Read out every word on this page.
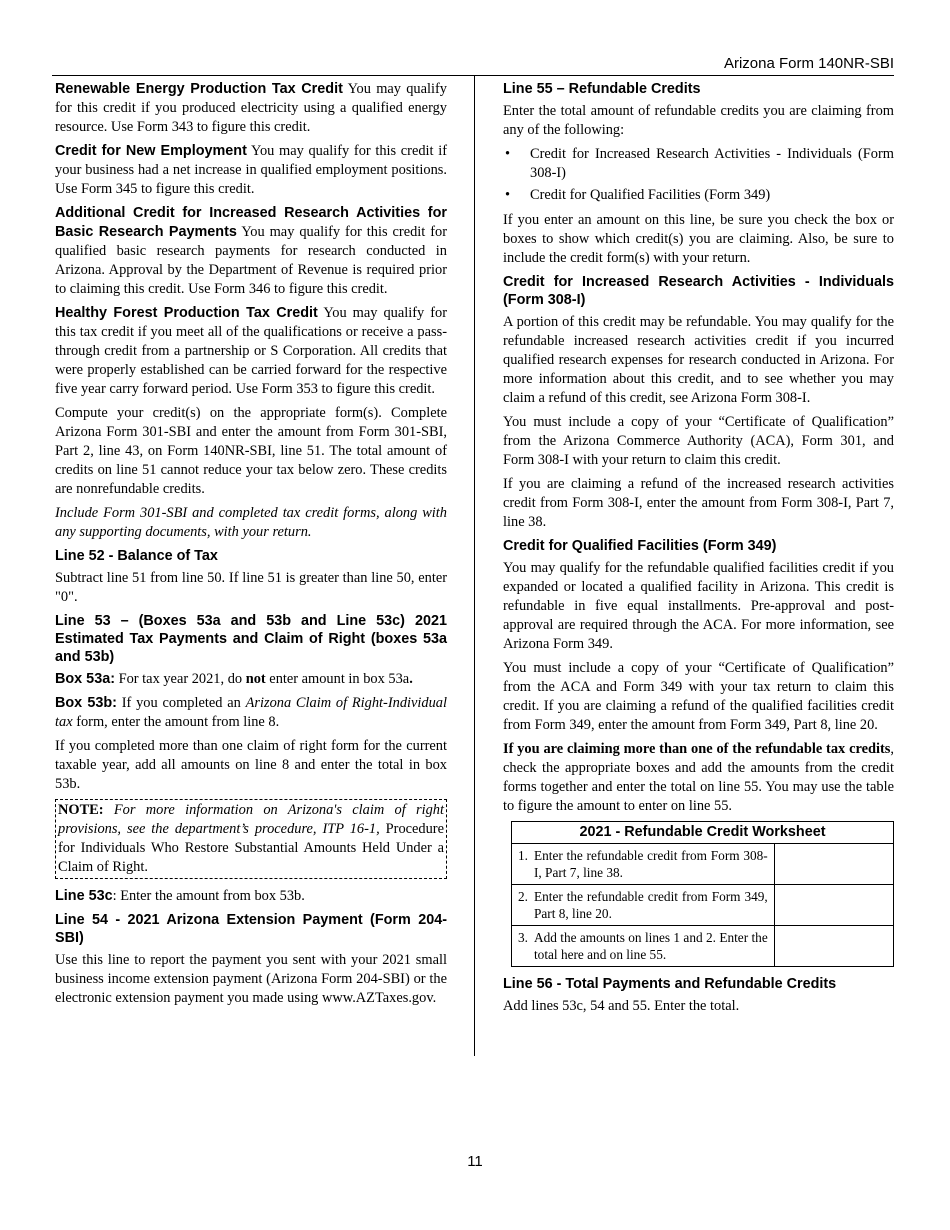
Arizona Form 140NR-SBI

Renewable Energy Production Tax Credit You may qualify for this credit if you produced electricity using a qualified energy resource. Use Form 343 to figure this credit.

Credit for New Employment You may qualify for this credit if your business had a net increase in qualified employment positions. Use Form 345 to figure this credit.

Additional Credit for Increased Research Activities for Basic Research Payments You may qualify for this credit for qualified basic research payments for research conducted in Arizona. Approval by the Department of Revenue is required prior to claiming this credit. Use Form 346 to figure this credit.

Healthy Forest Production Tax Credit You may qualify for this tax credit if you meet all of the qualifications or receive a pass-through credit from a partnership or S Corporation. All credits that were properly established can be carried forward for the respective five year carry forward period. Use Form 353 to figure this credit.

Compute your credit(s) on the appropriate form(s). Complete Arizona Form 301-SBI and enter the amount from Form 301-SBI, Part 2, line 43, on Form 140NR-SBI, line 51. The total amount of credits on line 51 cannot reduce your tax below zero. These credits are nonrefundable credits.

Include Form 301-SBI and completed tax credit forms, along with any supporting documents, with your return.

Line 52 - Balance of Tax

Subtract line 51 from line 50. If line 51 is greater than line 50, enter "0".

Line 53 – (Boxes 53a and 53b and Line 53c) 2021 Estimated Tax Payments and Claim of Right (boxes 53a and 53b)

Box 53a: For tax year 2021, do not enter amount in box 53a.

Box 53b: If you completed an Arizona Claim of Right-Individual tax form, enter the amount from line 8.

If you completed more than one claim of right form for the current taxable year, add all amounts on line 8 and enter the total in box 53b.

NOTE: For more information on Arizona's claim of right provisions, see the department’s procedure, ITP 16-1, Procedure for Individuals Who Restore Substantial Amounts Held Under a Claim of Right.

Line 53c: Enter the amount from box 53b.

Line 54 - 2021 Arizona Extension Payment (Form 204-SBI)

Use this line to report the payment you sent with your 2021 small business income extension payment (Arizona Form 204-SBI) or the electronic extension payment you made using www.AZTaxes.gov.

Line 55 – Refundable Credits

Enter the total amount of refundable credits you are claiming from any of the following:

• Credit for Increased Research Activities - Individuals (Form 308-I)
• Credit for Qualified Facilities (Form 349)

If you enter an amount on this line, be sure you check the box or boxes to show which credit(s) you are claiming. Also, be sure to include the credit form(s) with your return.

Credit for Increased Research Activities - Individuals (Form 308-I)

A portion of this credit may be refundable. You may qualify for the refundable increased research activities credit if you incurred qualified research expenses for research conducted in Arizona. For more information about this credit, and to see whether you may claim a refund of this credit, see Arizona Form 308-I.

You must include a copy of your “Certificate of Qualification” from the Arizona Commerce Authority (ACA), Form 301, and Form 308-I with your return to claim this credit.

If you are claiming a refund of the increased research activities credit from Form 308-I, enter the amount from Form 308-I, Part 7, line 38.

Credit for Qualified Facilities (Form 349)

You may qualify for the refundable qualified facilities credit if you expanded or located a qualified facility in Arizona. This credit is refundable in five equal installments. Pre-approval and post-approval are required through the ACA. For more information, see Arizona Form 349.

You must include a copy of your “Certificate of Qualification” from the ACA and Form 349 with your tax return to claim this credit. If you are claiming a refund of the qualified facilities credit from Form 349, enter the amount from Form 349, Part 8, line 20.

If you are claiming more than one of the refundable tax credits, check the appropriate boxes and add the amounts from the credit forms together and enter the total on line 55. You may use the table to figure the amount to enter on line 55.

2021 - Refundable Credit Worksheet		
1.	Enter the refundable credit from Form 308-I, Part 7, line 38.	
2.	Enter the refundable credit from Form 349, Part 8, line 20.	
3.	Add the amounts on lines 1 and 2. Enter the total here and on line 55.	
Line 56 - Total Payments and Refundable Credits

Add lines 53c, 54 and 55. Enter the total.

11
